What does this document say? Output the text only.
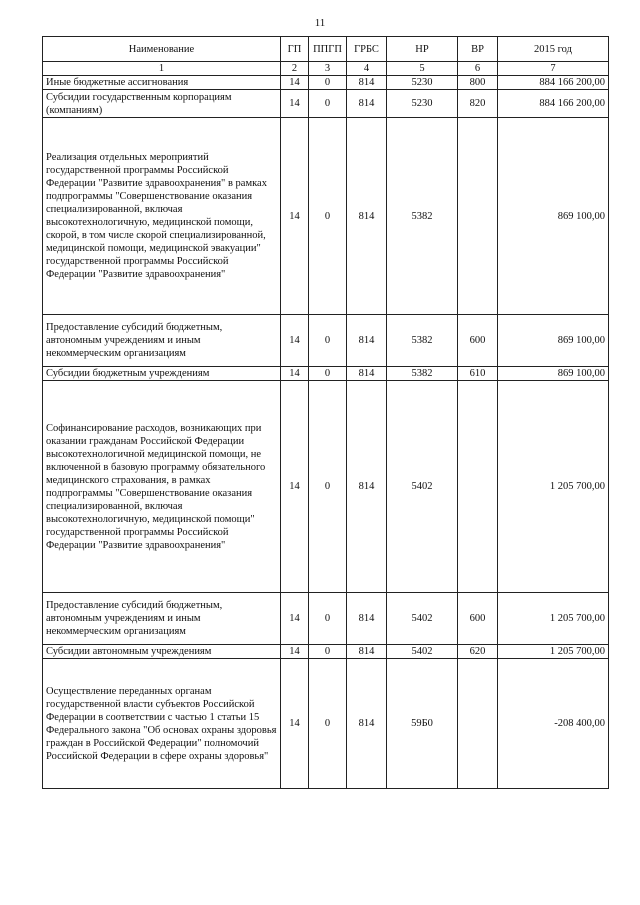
11
Наименование	ГП	ППГП	ГРБС	НР	ВР	2015 год
1	2	3	4	5	6	7
Иные бюджетные ассигнования	14	0	814	5230	800	884 166 200,00
Субсидии государственным корпорациям (компаниям)	14	0	814	5230	820	884 166 200,00
Реализация отдельных мероприятий государственной программы Российской Федерации "Развитие здравоохранения" в рамках подпрограммы "Совершенствование оказания специализированной, включая высокотехнологичную, медицинской помощи, скорой, в том числе скорой специализированной, медицинской помощи, медицинской эвакуации" государственной программы Российской Федерации "Развитие здравоохранения"	14	0	814	5382		869 100,00
Предоставление субсидий бюджетным, автономным учреждениям и иным некоммерческим организациям	14	0	814	5382	600	869 100,00
Субсидии бюджетным учреждениям	14	0	814	5382	610	869 100,00
Софинансирование расходов, возникающих при оказании гражданам Российской Федерации высокотехнологичной медицинской помощи, не включенной в базовую программу обязательного медицинского страхования, в рамках подпрограммы "Совершенствование оказания специализированной, включая высокотехнологичную, медицинской помощи" государственной программы Российской Федерации "Развитие здравоохранения"	14	0	814	5402		1 205 700,00
Предоставление субсидий бюджетным, автономным учреждениям и иным некоммерческим организациям	14	0	814	5402	600	1 205 700,00
Субсидии автономным учреждениям	14	0	814	5402	620	1 205 700,00
Осуществление переданных органам государственной власти субъектов Российской Федерации в соответствии с частью 1 статьи 15 Федерального закона "Об основах охраны здоровья граждан в Российской Федерации" полномочий Российской Федерации в сфере охраны здоровья"	14	0	814	59Б0		-208 400,00
